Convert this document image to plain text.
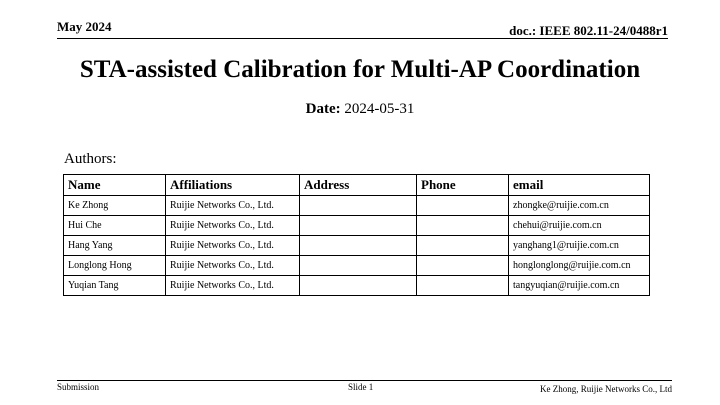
May 2024	doc.: IEEE 802.11-24/0488r1
STA-assisted Calibration for Multi-AP Coordination
Date: 2024-05-31
Authors:
Name	Affiliations	Address	Phone	email
Ke Zhong	Ruijie Networks Co., Ltd.			zhongke@ruijie.com.cn
Hui Che	Ruijie Networks Co., Ltd.			chehui@ruijie.com.cn
Hang Yang	Ruijie Networks Co., Ltd.			yanghang1@ruijie.com.cn
Longlong Hong	Ruijie Networks Co., Ltd.			honglonglong@ruijie.com.cn
Yuqian Tang	Ruijie Networks Co., Ltd.			tangyuqian@ruijie.com.cn
Submission	Slide 1	Ke Zhong, Ruijie Networks Co., Ltd
